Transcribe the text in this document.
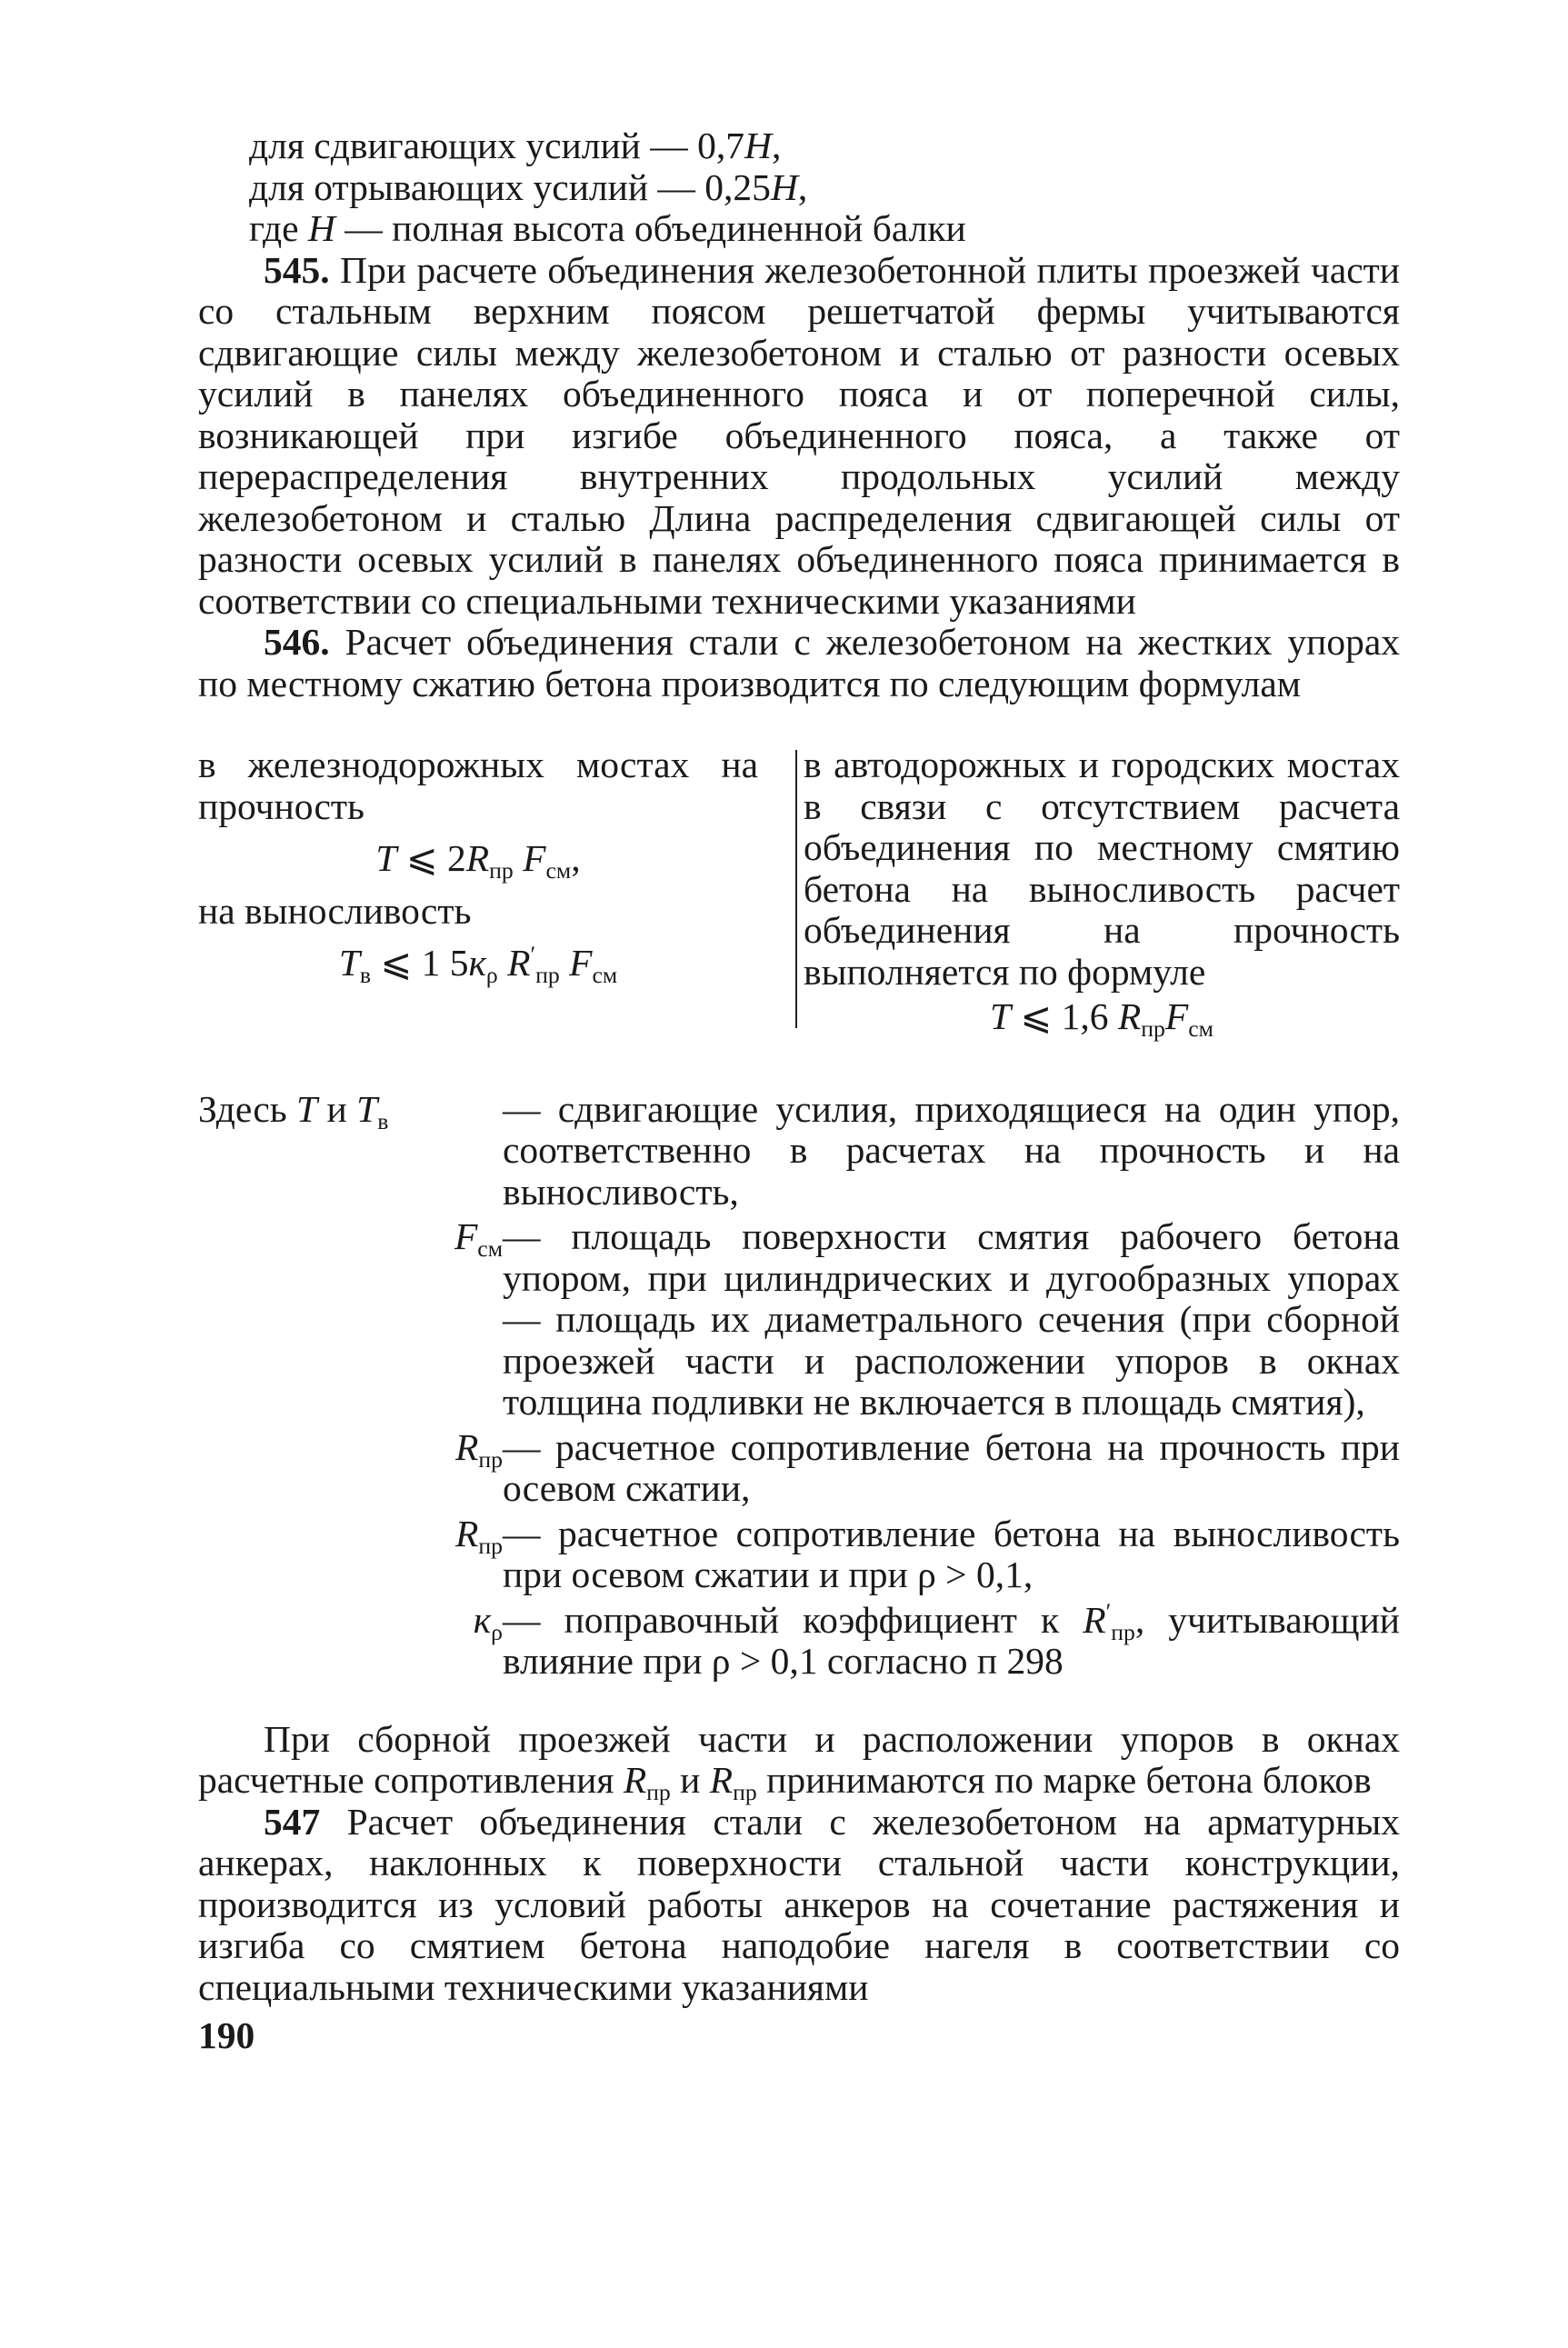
для сдвигающих усилий — 0,7H,
для отрывающих усилий — 0,25H,
где H — полная высота объединенной балки

545. При расчете объединения железобетонной плиты проезжей части со стальным верхним поясом решетчатой фермы учитываются сдвигающие силы между железобетоном и сталью от разности осевых усилий в панелях объединенного пояса и от поперечной силы, возникающей при изгибе объединенного пояса, а также от перераспределения внутренних продольных усилий между железобетоном и сталью Длина распределения сдвигающей силы от разности осевых усилий в панелях объединенного пояса принимается в соответствии со специальными техническими указаниями

546. Расчет объединения стали с железобетоном на жестких упорах по местному сжатию бетона производится по следующим формулам

в железнодорожных мостах на прочность

T ⩽ $2R_{пр}$ $F_{см}$,

на выносливость

$T_в$ ⩽ 1 $5к_\rho$ $R'_{пр}$ $F_{см}$

в автодорожных и городских мостах в связи с отсутствием расчета объединения по местному смятию бетона на выносливость расчет объединения на прочность выполняется по формуле

T ⩽ 1,6 $R_{пр}F_{см}$
Здесь T и $T_в$	— сдвигающие усилия, приходящиеся на один упор, соответственно в расчетах на прочность и на выносливость,
$F_{см}$ — площадь поверхности смятия рабочего бетона упором, при цилиндрических и дугообразных упорах — площадь их диаметрального сечения (при сборной проезжей части и расположении упоров в окнах толщина подливки не включается в площадь смятия),
$R_{пр}$ — расчетное сопротивление бетона на прочность при осевом сжатии,
$R_{пр}$ — расчетное сопротивление бетона на выносливость при осевом сжатии и при ρ > 0,1,
$к_\rho$ — поправочный коэффициент к $R'_{пр}$, учитывающий влияние при ρ > 0,1 согласно п 298

При сборной проезжей части и расположении упоров в окнах расчетные сопротивления $R_{пр}$ и $R_{пр}$ принимаются по марке бетона блоков

547 Расчет объединения стали с железобетоном на арматурных анкерах, наклонных к поверхности стальной части конструкции, производится из условий работы анкеров на сочетание растяжения и изгиба со смятием бетона наподобие нагеля в соответствии со специальными техническими указаниями

190
